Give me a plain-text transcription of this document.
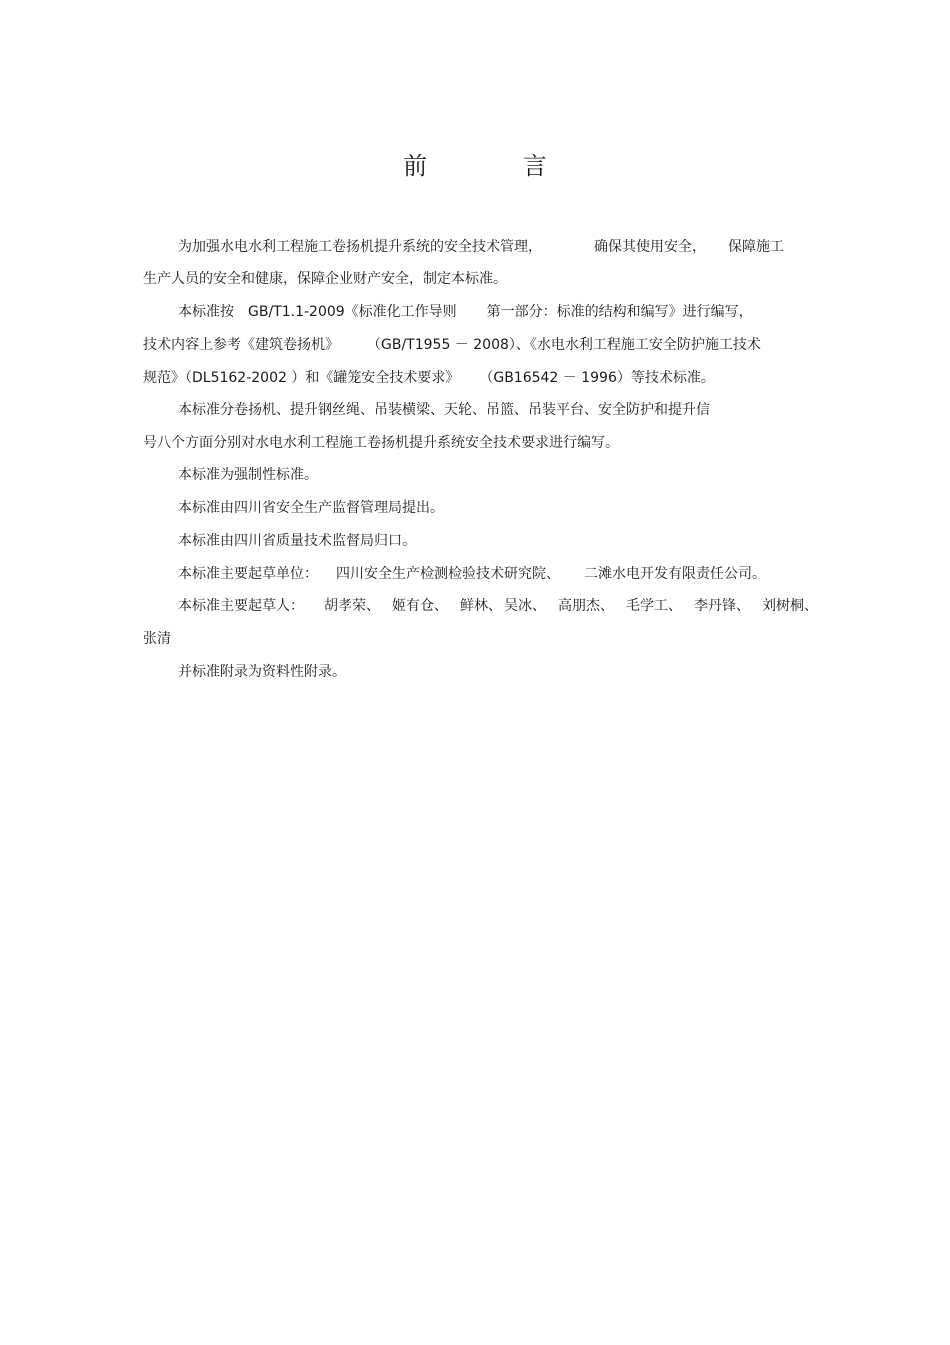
前 言
为加强水电水利工程施工卷扬机提升系统的安全技术管理，	确保其使用安全， 保障施工
生产人员的安全和健康，保障企业财产安全，制定本标准。
本标准按 GB/T1.1-2009《标准化工作导则 第一部分：标准的结构和编写》进行编写，
技术内容上参考《建筑卷扬机》 （GB/T1955 － 2008）、《水电水利工程施工安全防护施工技术
规范》（DL5162-2002 ）和《罐笼安全技术要求》 （GB16542 － 1996）等技术标准。
本标准分卷扬机、提升钢丝绳、吊装横梁、天轮、吊篮、吊装平台、安全防护和提升信
号八个方面分别对水电水利工程施工卷扬机提升系统安全技术要求进行编写。
本标准为强制性标准。
本标准由四川省安全生产监督管理局提出。
本标准由四川省质量技术监督局归口。
本标准主要起草单位： 四川安全生产检测检验技术研究院、 二滩水电开发有限责任公司。
本标准主要起草人： 胡孝荣、 姬有仓、 鲜林、 吴冰、 高朋杰、 毛学工、 李丹锋、 刘树桐、
张清
并标准附录为资料性附录。
